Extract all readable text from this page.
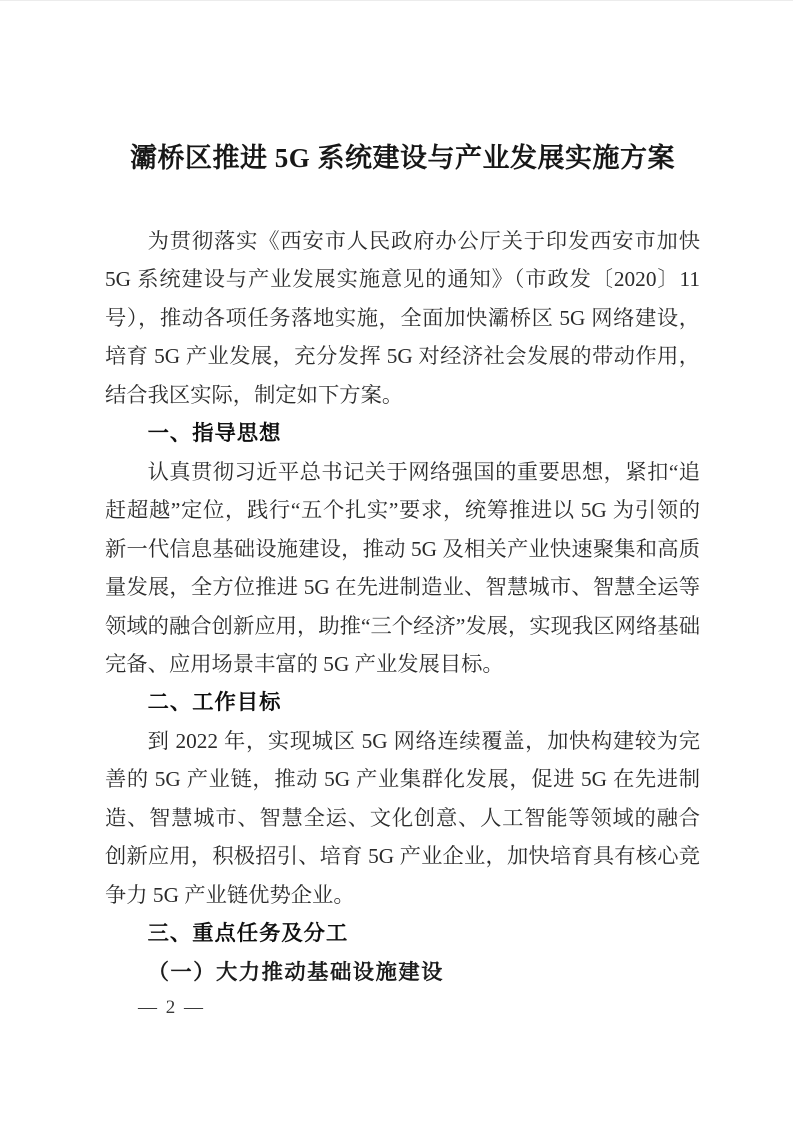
灞桥区推进 5G 系统建设与产业发展实施方案

为贯彻落实《西安市人民政府办公厅关于印发西安市加快 5G 系统建设与产业发展实施意见的通知》（市政发〔2020〕11 号），推动各项任务落地实施，全面加快灞桥区 5G 网络建设，培育 5G 产业发展，充分发挥 5G 对经济社会发展的带动作用，结合我区实际，制定如下方案。

一、指导思想

认真贯彻习近平总书记关于网络强国的重要思想，紧扣“追赶超越”定位，践行“五个扎实”要求，统筹推进以 5G 为引领的新一代信息基础设施建设，推动 5G 及相关产业快速聚集和高质量发展，全方位推进 5G 在先进制造业、智慧城市、智慧全运等领域的融合创新应用，助推“三个经济”发展，实现我区网络基础完备、应用场景丰富的 5G 产业发展目标。

二、工作目标

到 2022 年，实现城区 5G 网络连续覆盖，加快构建较为完善的 5G 产业链，推动 5G 产业集群化发展，促进 5G 在先进制造、智慧城市、智慧全运、文化创意、人工智能等领域的融合创新应用，积极招引、培育 5G 产业企业，加快培育具有核心竞争力 5G 产业链优势企业。

三、重点任务及分工
（一）大力推动基础设施建设
— 2 —
